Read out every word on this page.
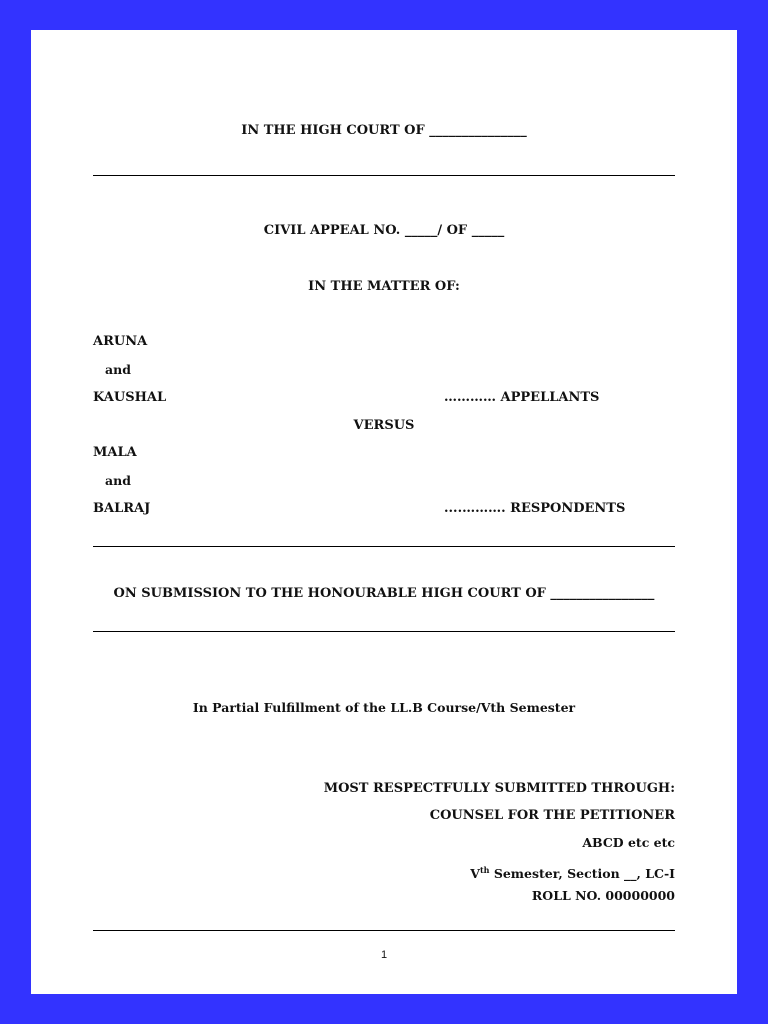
IN THE HIGH COURT OF _______________
CIVIL APPEAL NO. _____/ OF _____
IN THE MATTER OF:
ARUNA
and
KAUSHAL	………… APPELLANTS
VERSUS
MALA
and
BALRAJ	....………. RESPONDENTS
ON SUBMISSION TO THE HONOURABLE HIGH COURT OF ________________
In Partial Fulfillment of the LL.B Course/Vth Semester
MOST RESPECTFULLY SUBMITTED THROUGH:
COUNSEL FOR THE PETITIONER
ABCD etc etc
Vth Semester, Section __, LC-I
ROLL NO. 00000000
1
